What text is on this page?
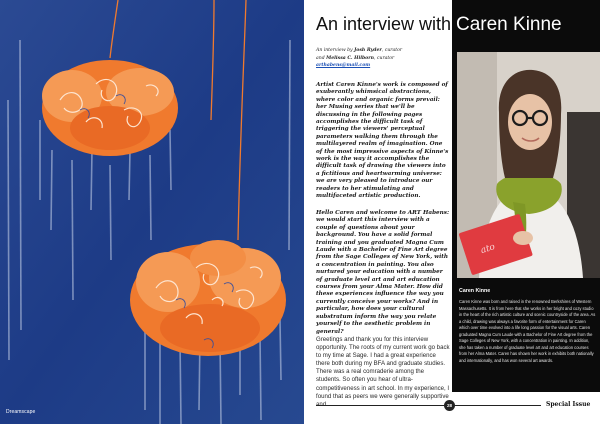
Dreamscape
An interview with Caren Kinne
An interview by Josh Ryder, curator
and Melissa C. Hilborn, curator
arthabens@mail.com

Artist Caren Kinne's work is composed of exuberantly whimsical abstractions, where color and organic forms prevail: her Musing series that we'll be discussing in the following pages accomplishes the difficult task of triggering the viewers' perceptual parameters walking them through the multilayered realm of imagination. One of the most impressive aspects of Kinne's work is the way it accomplishes the difficult task of drawing the viewers into a fictitious and heartwarming universe: we are very pleased to introduce our readers to her stimulating and multifaceted artistic production.

Hello Caren and welcome to ART Habens: we would start this interview with a couple of questions about your background. You have a solid formal training and you graduated Magna Cum Laude with a Bachelor of Fine Art degree from the Sage Colleges of New York, with a concentration in painting. You also nurtured your education with a number of graduate level art and art education courses from your Alma Mater. How did these experiences influence the way you currently conceive your works? And in particular, how does your cultural substratum inform the way you relate yourself to the aesthetic problem in general?

Greetings and thank you for this interview opportunity. The roots of my current work go back to my time at Sage. I had a great experience there both during my BFA and graduate studies. There was a real comraderie among the students. So often you hear of ultra-competitiveness in art school. In my experience, I found that as peers we were generally supportive

ato
Caren Kinne

Caren Kinne was born and raised in the renowned Berkshires of Western Massachusetts. It is from here that she works in her bright and cozy studio in the heart of the rich artistic culture and scenic countryside of the area. As a child, drawing was always a favorite form of entertainment for Caren which over time evolved into a life long passion for the visual arts. Caren graduated Magna Cum Laude with a Bachelor of Fine Art degree from the Sage Colleges of New York, with a concentration in painting. In addition, she has taken a number of graduate level art and art education courses from her Alma Mater. Caren has shown her work in exhibits both nationally and internationally, and has won several art awards.

28	Special Issue
